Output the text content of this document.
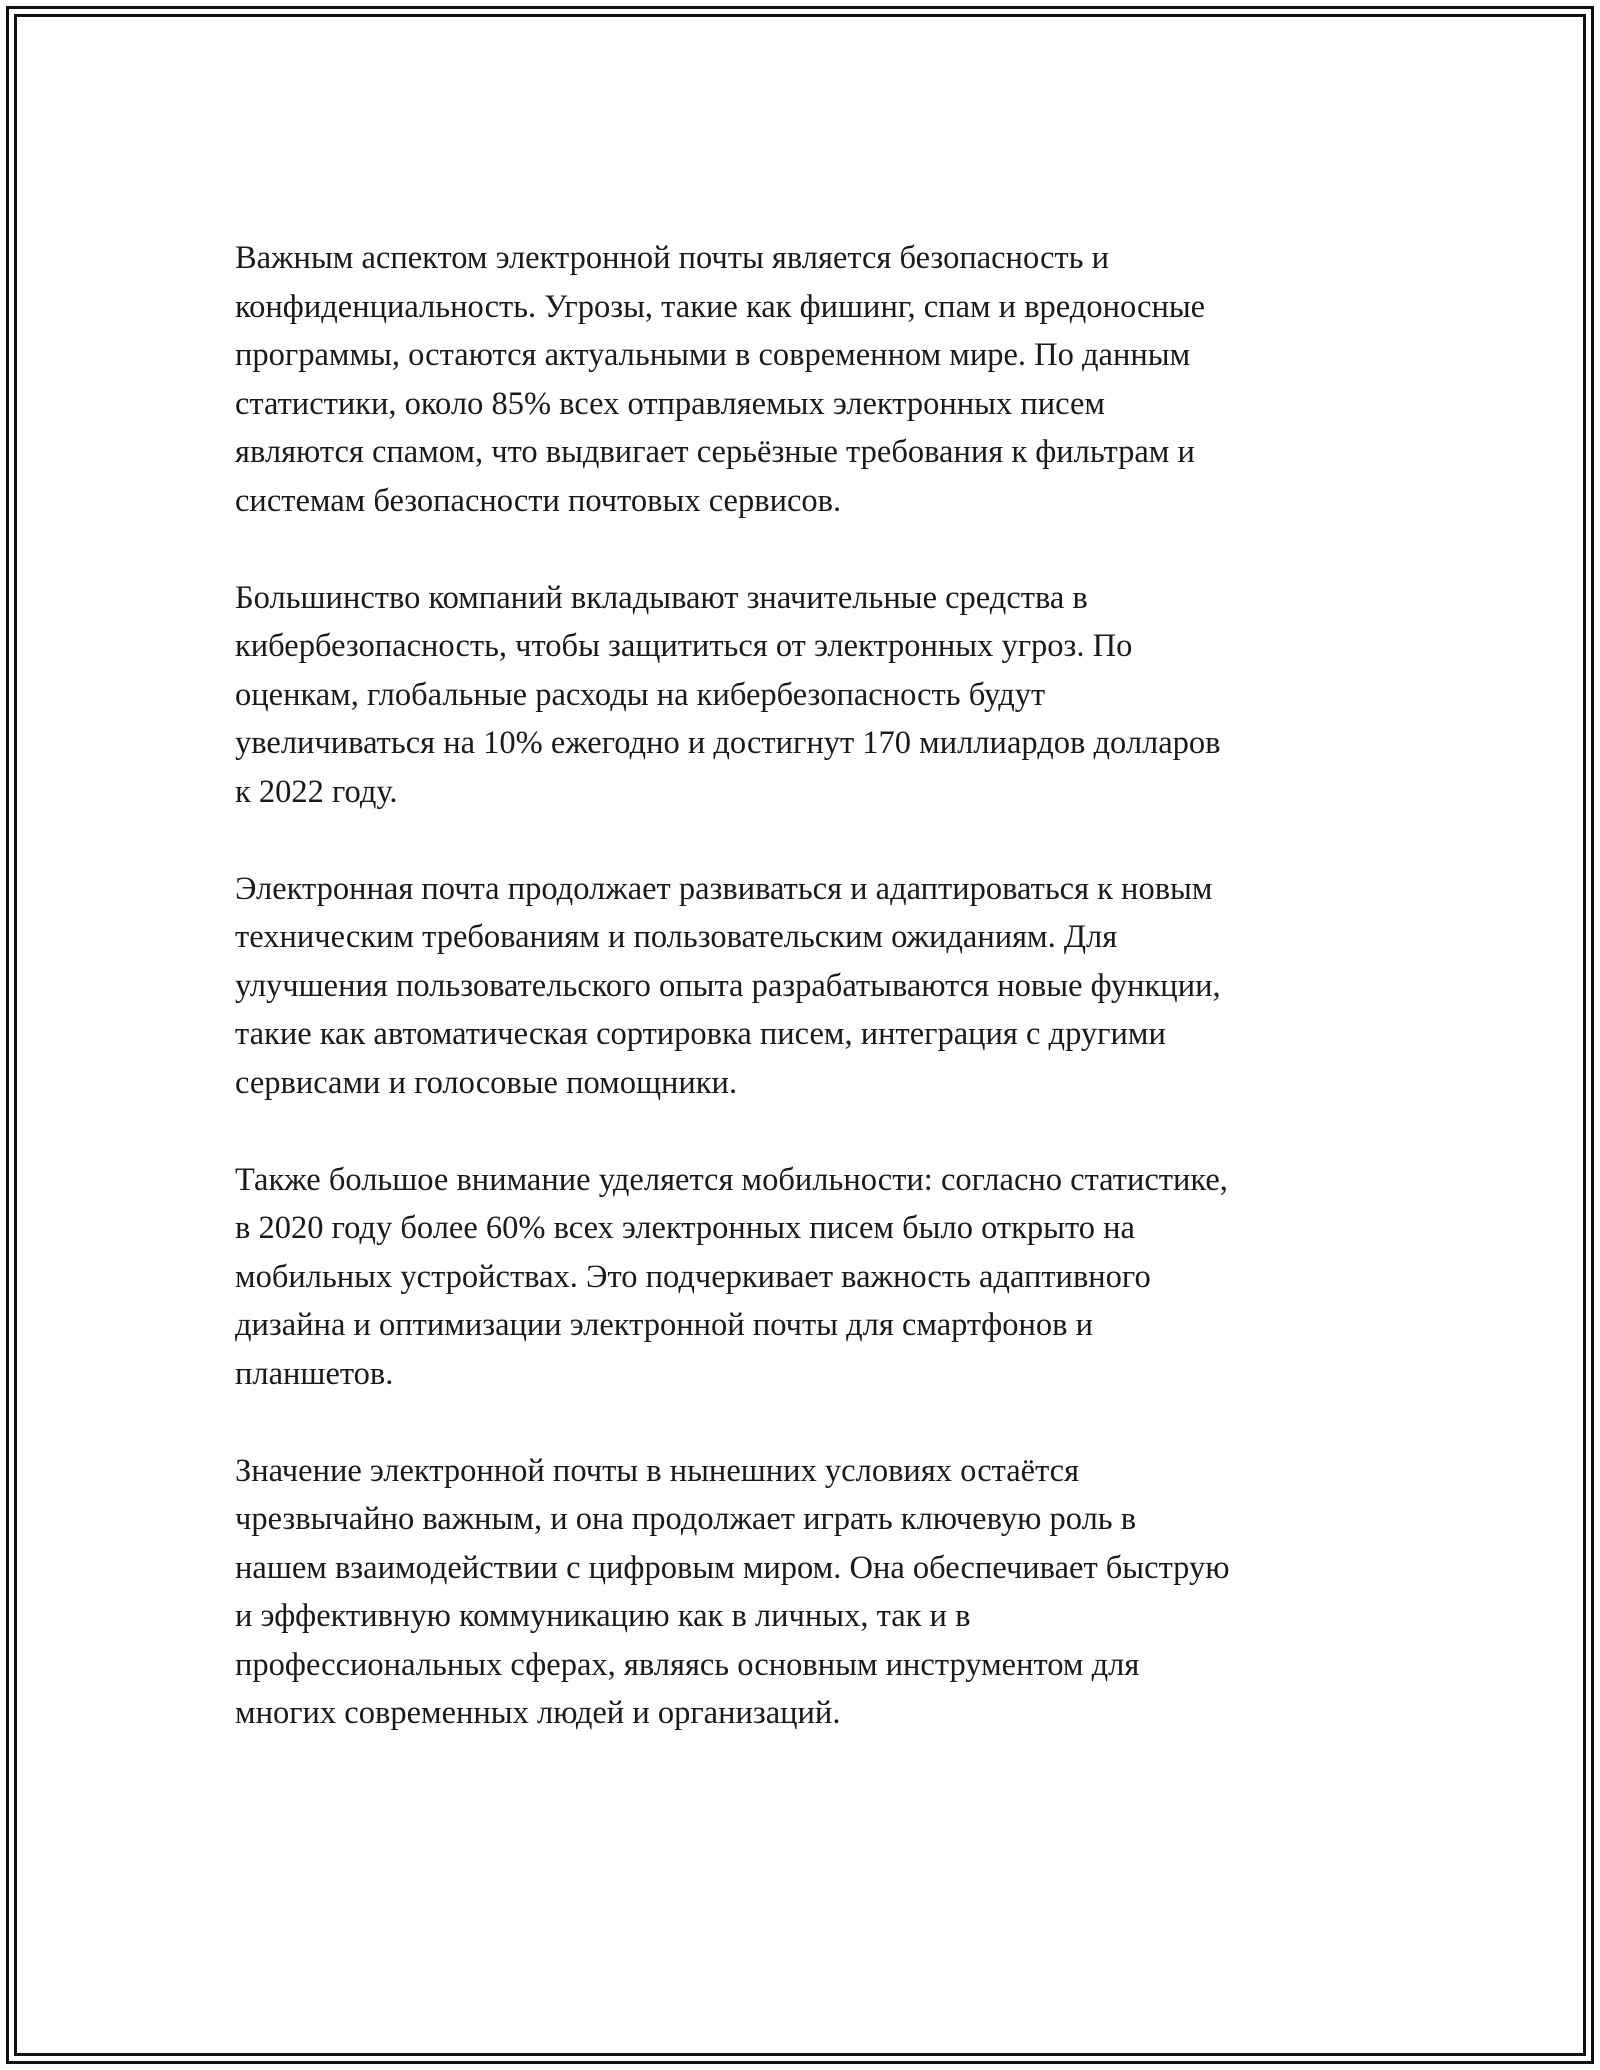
Важным аспектом электронной почты является безопасность и
конфиденциальность. Угрозы, такие как фишинг, спам и вредоносные
программы, остаются актуальными в современном мире. По данным
статистики, около 85% всех отправляемых электронных писем
являются спамом, что выдвигает серьёзные требования к фильтрам и
системам безопасности почтовых сервисов.

Большинство компаний вкладывают значительные средства в
кибербезопасность, чтобы защититься от электронных угроз. По
оценкам, глобальные расходы на кибербезопасность будут
увеличиваться на 10% ежегодно и достигнут 170 миллиардов долларов
к 2022 году.

Электронная почта продолжает развиваться и адаптироваться к новым
техническим требованиям и пользовательским ожиданиям. Для
улучшения пользовательского опыта разрабатываются новые функции,
такие как автоматическая сортировка писем, интеграция с другими
сервисами и голосовые помощники.

Также большое внимание уделяется мобильности: согласно статистике,
в 2020 году более 60% всех электронных писем было открыто на
мобильных устройствах. Это подчеркивает важность адаптивного
дизайна и оптимизации электронной почты для смартфонов и
планшетов.

Значение электронной почты в нынешних условиях остаётся
чрезвычайно важным, и она продолжает играть ключевую роль в
нашем взаимодействии с цифровым миром. Она обеспечивает быструю
и эффективную коммуникацию как в личных, так и в
профессиональных сферах, являясь основным инструментом для
многих современных людей и организаций.
